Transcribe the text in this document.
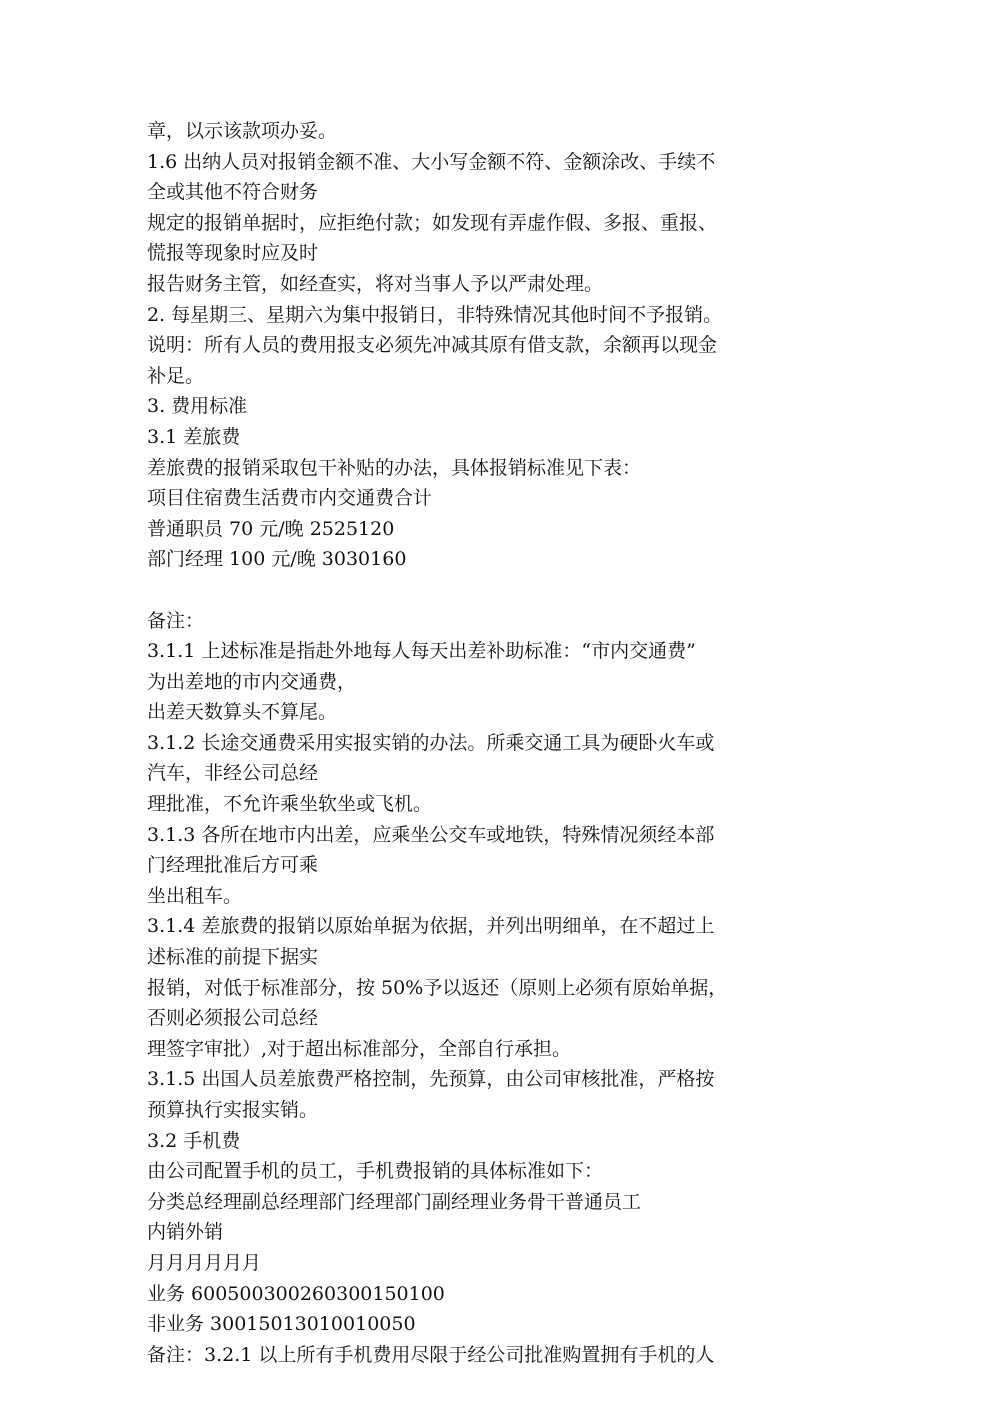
章，以示该款项办妥。
1.6 出纳人员对报销金额不准、大小写金额不符、金额涂改、手续不
全或其他不符合财务
规定的报销单据时，应拒绝付款；如发现有弄虚作假、多报、重报、
慌报等现象时应及时
报告财务主管，如经查实，将对当事人予以严肃处理。
2. 每星期三、星期六为集中报销日，非特殊情况其他时间不予报销。
说明：所有人员的费用报支必须先冲减其原有借支款，余额再以现金
补足。
3. 费用标准
3.1 差旅费
差旅费的报销采取包干补贴的办法，具体报销标准见下表：
项目住宿费生活费市内交通费合计
普通职员 70 元/晚 2525120
部门经理 100 元/晚 3030160
备注：
3.1.1 上述标准是指赴外地每人每天出差补助标准：“市内交通费”
为出差地的市内交通费，
出差天数算头不算尾。
3.1.2 长途交通费采用实报实销的办法。所乘交通工具为硬卧火车或
汽车，非经公司总经
理批准，不允许乘坐软坐或飞机。
3.1.3 各所在地市内出差，应乘坐公交车或地铁，特殊情况须经本部
门经理批准后方可乘
坐出租车。
3.1.4 差旅费的报销以原始单据为依据，并列出明细单，在不超过上
述标准的前提下据实
报销，对低于标准部分，按 50%予以返还（原则上必须有原始单据，
否则必须报公司总经
理签字审批）,对于超出标准部分，全部自行承担。
3.1.5 出国人员差旅费严格控制，先预算，由公司审核批准，严格按
预算执行实报实销。
3.2 手机费
由公司配置手机的员工，手机费报销的具体标准如下：
分类总经理副总经理部门经理部门副经理业务骨干普通员工
内销外销
月月月月月月
业务 600500300260300150100
非业务 30015013010010050
备注：3.2.1 以上所有手机费用尽限于经公司批准购置拥有手机的人
